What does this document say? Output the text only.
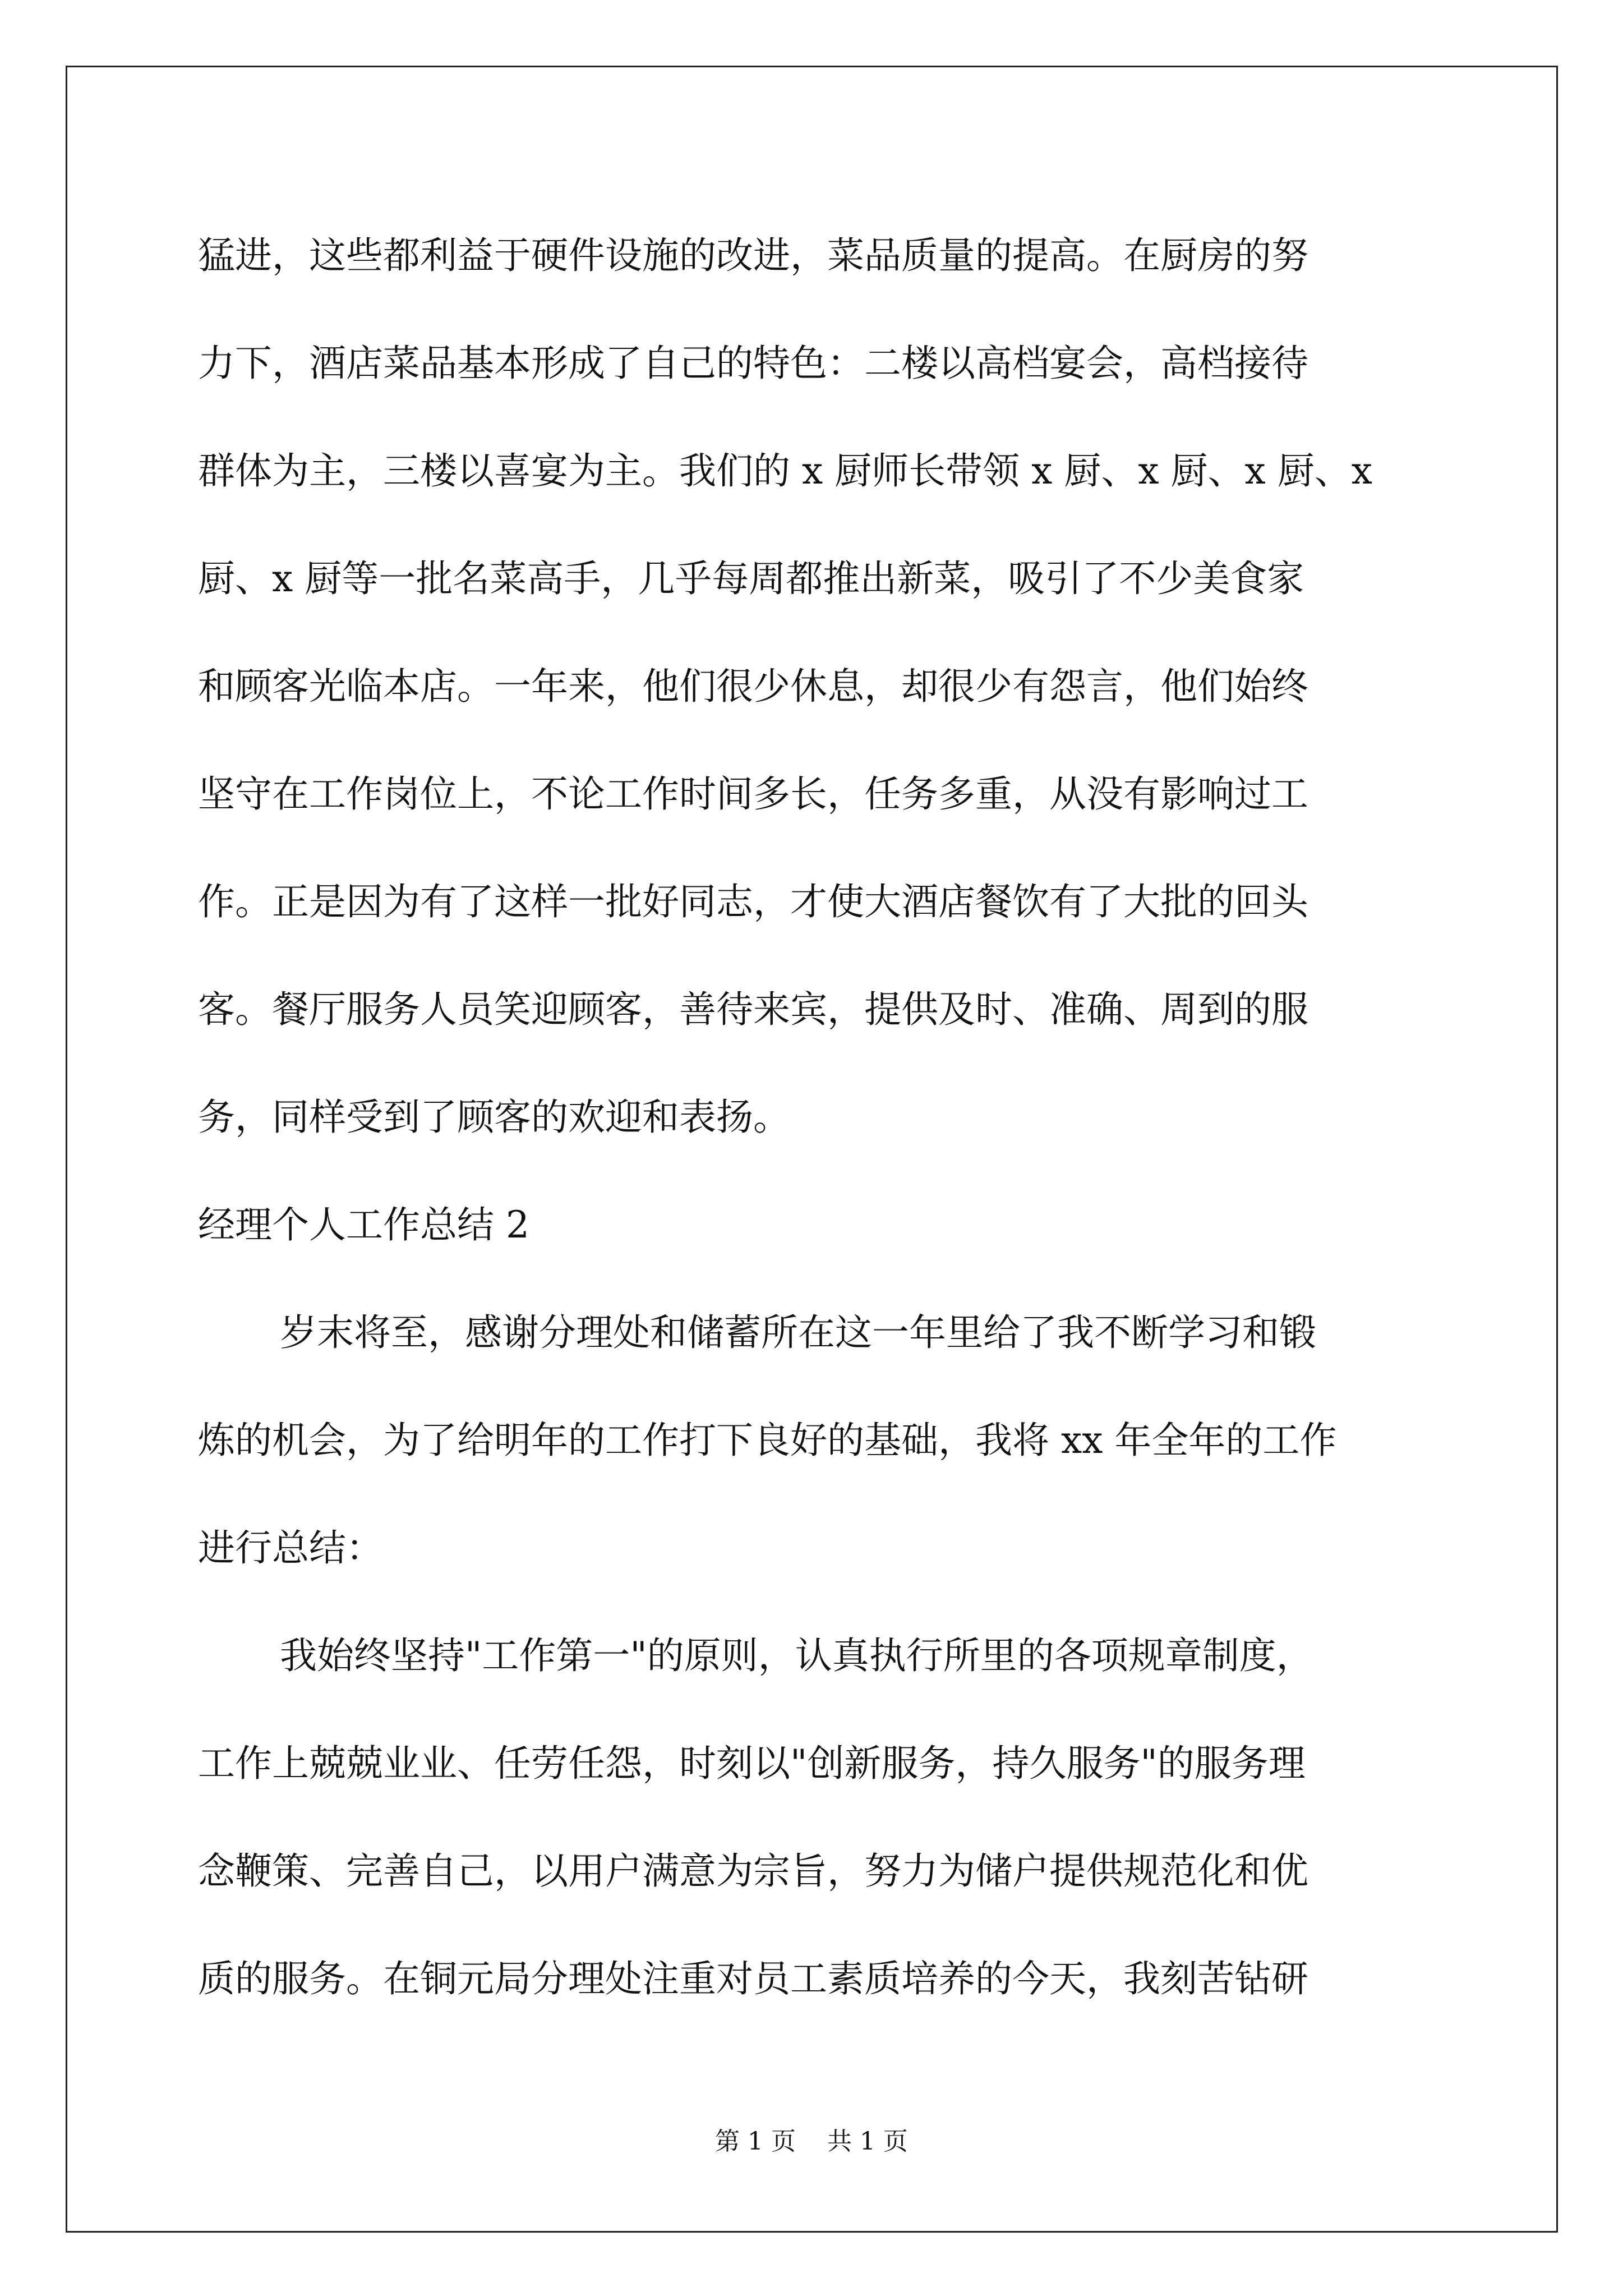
猛进，这些都利益于硬件设施的改进，菜品质量的提高。在厨房的努
力下，酒店菜品基本形成了自己的特色：二楼以高档宴会，高档接待
群体为主，三楼以喜宴为主。我们的 x 厨师长带领 x 厨、x 厨、x 厨、x
厨、x 厨等一批名菜高手，几乎每周都推出新菜，吸引了不少美食家
和顾客光临本店。一年来，他们很少休息，却很少有怨言，他们始终
坚守在工作岗位上，不论工作时间多长，任务多重，从没有影响过工
作。正是因为有了这样一批好同志，才使大酒店餐饮有了大批的回头
客。餐厅服务人员笑迎顾客，善待来宾，提供及时、准确、周到的服
务，同样受到了顾客的欢迎和表扬。
经理个人工作总结 2
岁末将至，感谢分理处和储蓄所在这一年里给了我不断学习和锻
炼的机会，为了给明年的工作打下良好的基础，我将 xx 年全年的工作
进行总结：
我始终坚持"工作第一"的原则，认真执行所里的各项规章制度，
工作上兢兢业业、任劳任怨，时刻以"创新服务，持久服务"的服务理
念鞭策、完善自己，以用户满意为宗旨，努力为储户提供规范化和优
质的服务。在铜元局分理处注重对员工素质培养的今天，我刻苦钻研
第 1 页    共 1 页
